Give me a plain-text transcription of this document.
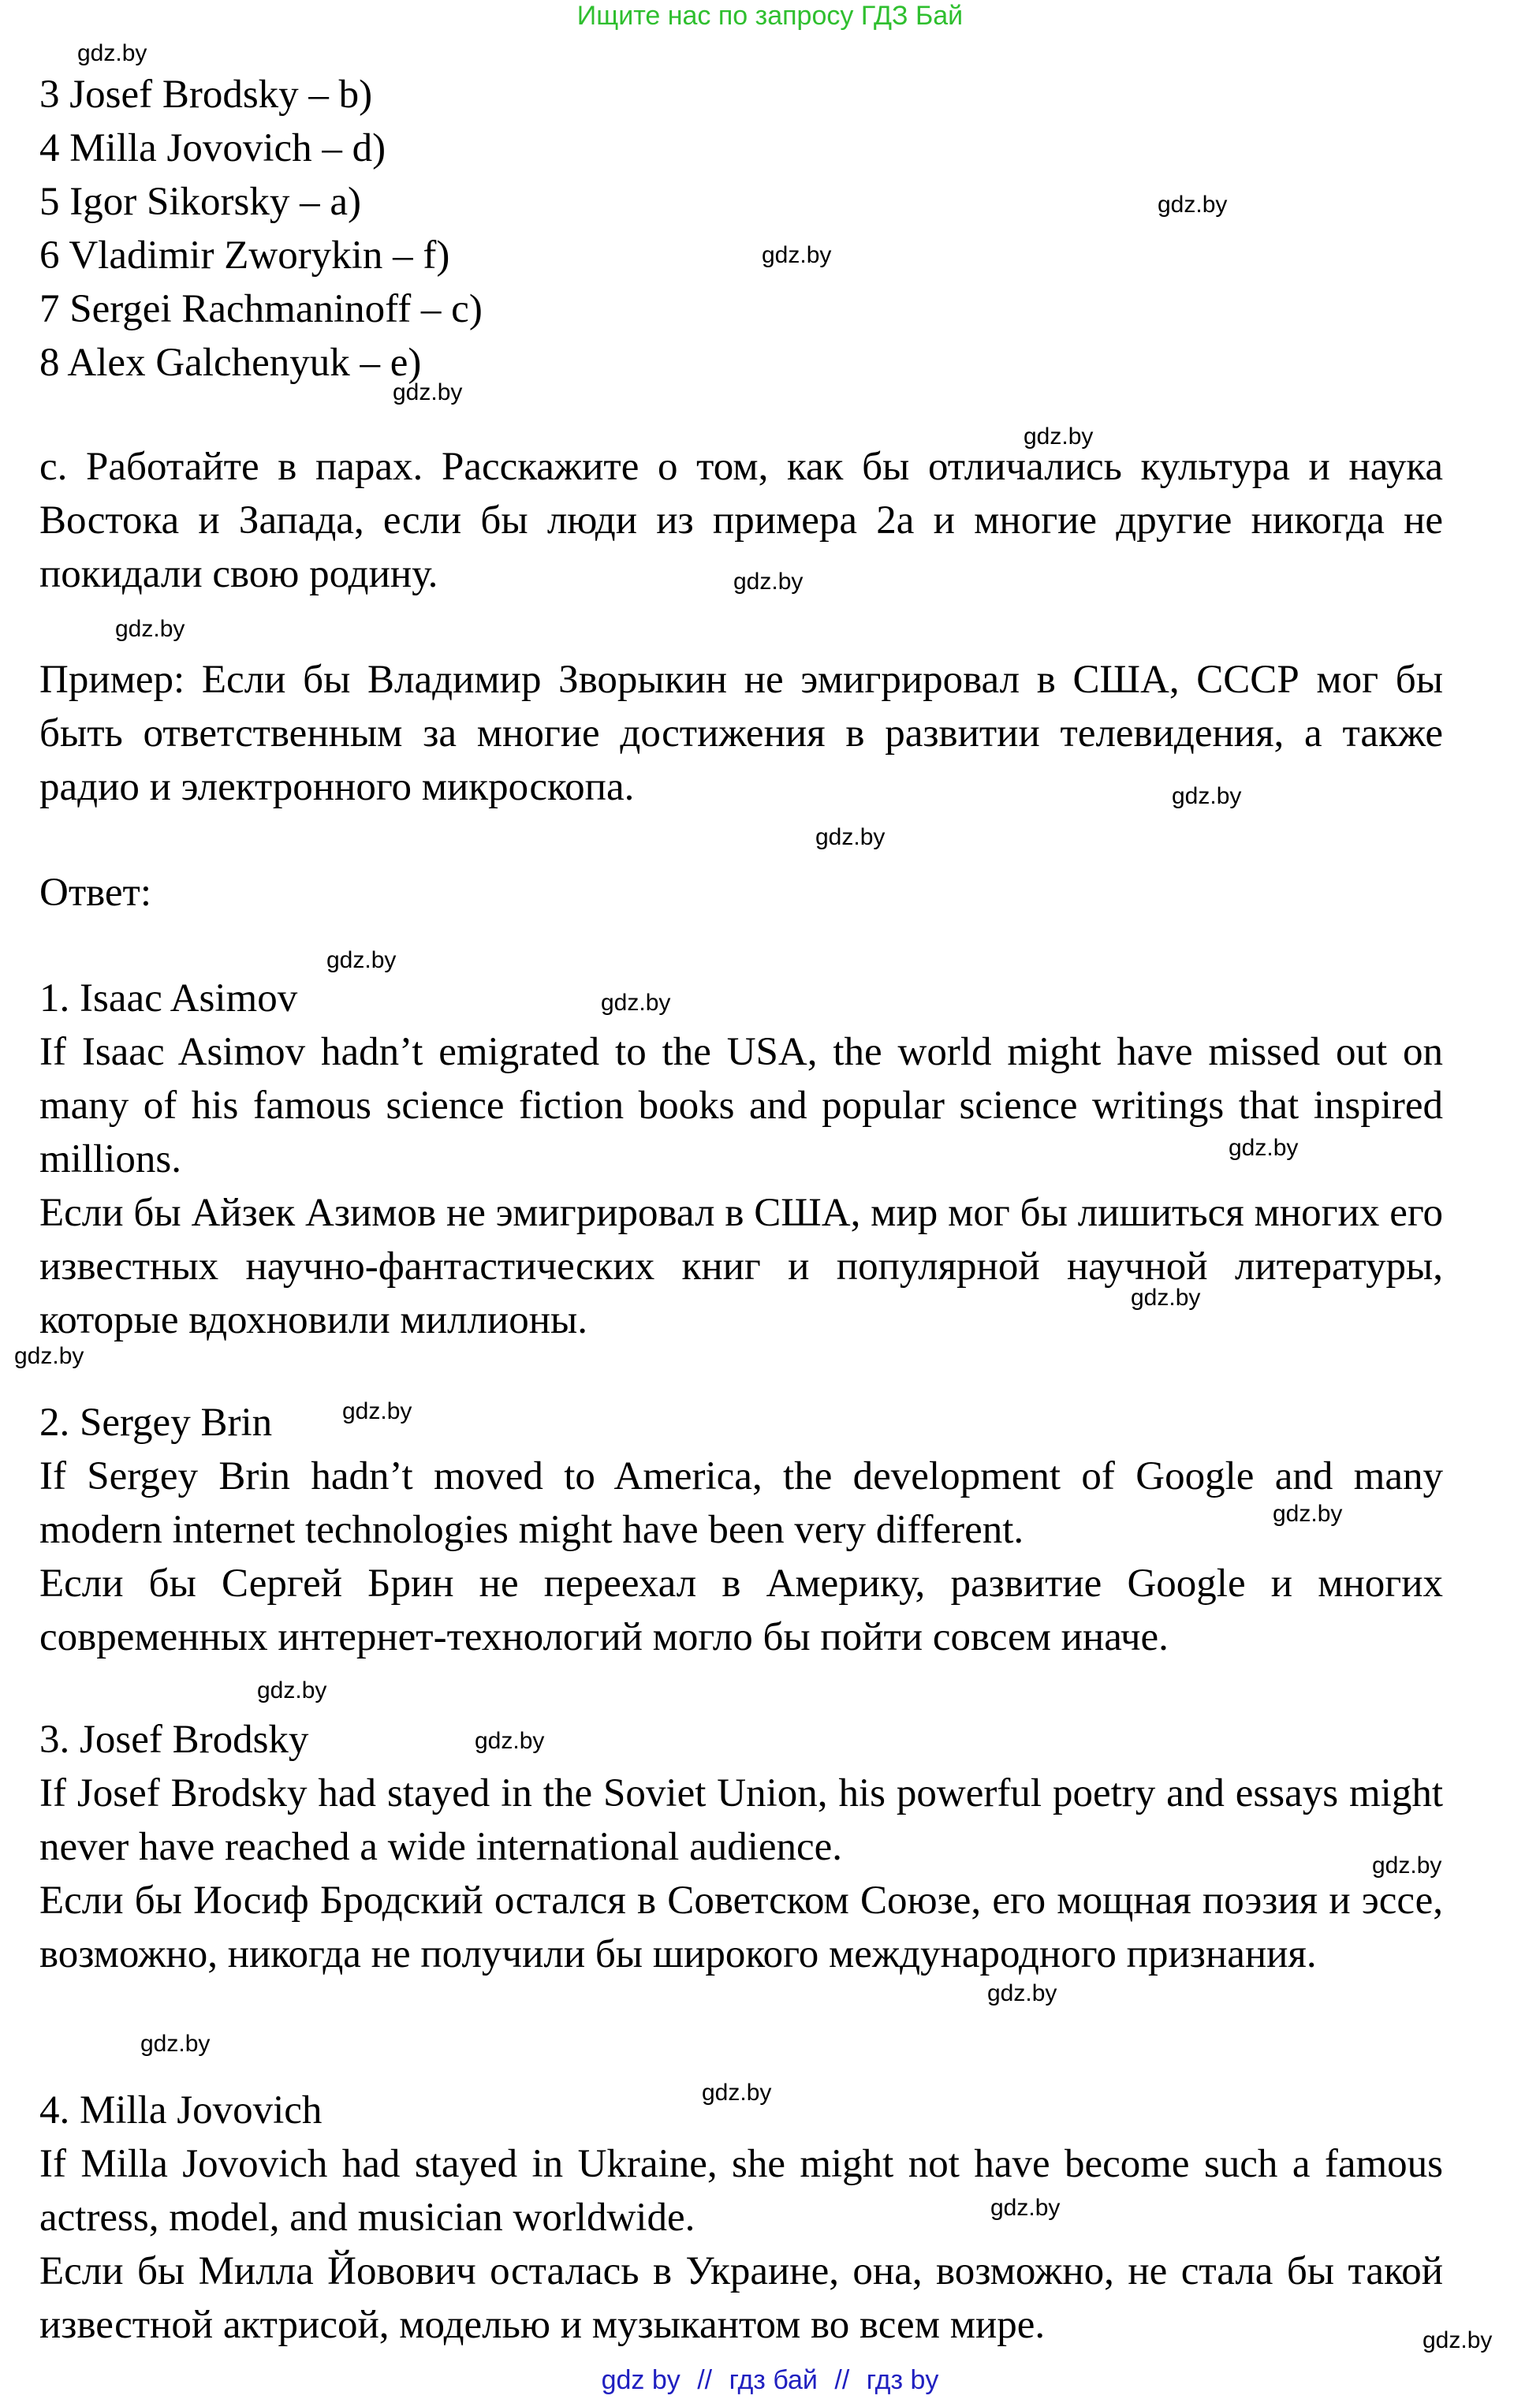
Ищите нас по запросу ГДЗ Бай
3 Josef Brodsky – b)
4 Milla Jovovich – d)
5 Igor Sikorsky – a)
6 Vladimir Zworykin – f)
7 Sergei Rachmaninoff – c)
8 Alex Galchenyuk – e)
с. Работайте в парах. Расскажите о том, как бы отличались культура и наука Востока и Запада, если бы люди из примера 2a и многие другие никогда не покидали свою родину.
Пример: Если бы Владимир Зворыкин не эмигрировал в США, СССР мог бы быть ответственным за многие достижения в развитии телевидения, а также радио и электронного микроскопа.
Ответ:
1. Isaac Asimov
If Isaac Asimov hadn’t emigrated to the USA, the world might have missed out on many of his famous science fiction books and popular science writings that inspired millions.
Если бы Айзек Азимов не эмигрировал в США, мир мог бы лишиться многих его известных научно-фантастических книг и популярной научной литературы, которые вдохновили миллионы.
2. Sergey Brin
If Sergey Brin hadn’t moved to America, the development of Google and many modern internet technologies might have been very different.
Если бы Сергей Брин не переехал в Америку, развитие Google и многих современных интернет-технологий могло бы пойти совсем иначе.
3. Josef Brodsky
If Josef Brodsky had stayed in the Soviet Union, his powerful poetry and essays might never have reached a wide international audience.
Если бы Иосиф Бродский остался в Советском Союзе, его мощная поэзия и эссе, возможно, никогда не получили бы широкого международного признания.
4. Milla Jovovich
If Milla Jovovich had stayed in Ukraine, she might not have become such a famous actress, model, and musician worldwide.
Если бы Милла Йовович осталась в Украине, она, возможно, не стала бы такой известной актрисой, моделью и музыкантом во всем мире.
gdz.by
gdz.by
gdz.by
gdz.by
gdz.by
gdz.by
gdz.by
gdz.by
gdz.by
gdz.by
gdz.by
gdz.by
gdz.by
gdz.by
gdz.by
gdz.by
gdz.by
gdz.by
gdz.by
gdz.by
gdz.by
gdz.by
gdz.by
gdz.by
gdz by // гдз бай // гдз by
